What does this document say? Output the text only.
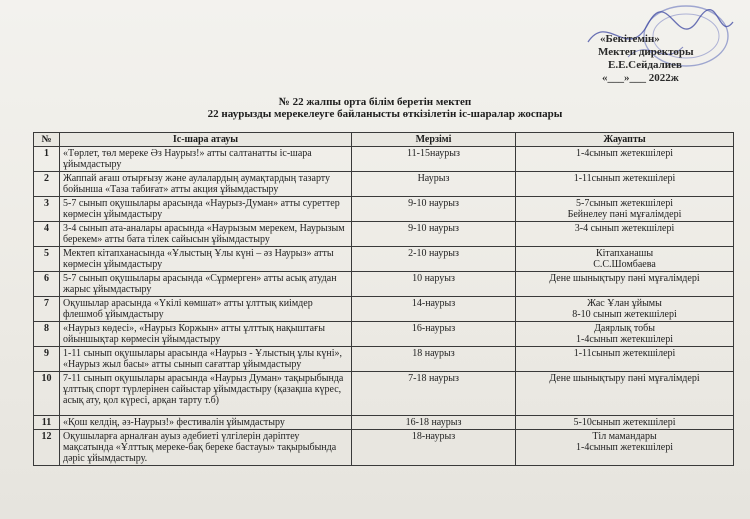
«Бекітемін»
Мектеп директоры
Е.Е.Сейдалиев
«___»___ 2022ж
№ 22 жалпы орта білім беретін мектеп
22 наурызды мерекелеуге байланысты өткізілетін іс-шаралар жоспары
№	Іс-шара атауы	Мерзімі	Жауапты
1	«Төрлет, төл мереке Әз Наурыз!» атты салтанатты іс-шара ұйымдастыру	11-15наурыз	1-4сынып жетекшілері
2	Жаппай ағаш отырғызу және аулалардың аумақтардың тазарту бойынша «Таза табиғат» атты акция ұйымдастыру	Наурыз	1-11сынып жетекшілері
3	5-7 сынып оқушылары арасында «Наурыз-Думан» атты суреттер көрмесін ұйымдастыру	9-10 наурыз	5-7сынып жетекшілері
Бейнелеу пәні мұғалімдері
4	3-4 сынып ата-аналары арасында «Наурызым мерекем, Наурызым берекем» атты бата тілек сайысын ұйымдастыру	9-10 наурыз	3-4 сынып жетекшілері
5	Мектеп кітапханасында «Ұлыстың Ұлы күні – әз Наурыз» атты көрмесін ұйымдастыру	2-10 наурыз	Кітапханашы
С.С.Шомбаева
6	5-7 сынып оқушылары арасында «Сұрмерген» атты асық атудан жарыс ұйымдастыру	10 наруыз	Дене шынықтыру пәні мұғалімдері
7	Оқушылар арасында «Үкілі көмшат» атты ұлттық киімдер флешмоб ұйымдастыру	14-наурыз	Жас Ұлан ұйымы
8-10 сынып жетекшілері
8	«Наурыз көдесі», «Наурыз Коржын» атты ұлттық нақыштағы ойыншықтар көрмесін ұйымдастыру	16-наурыз	Даярлық тобы
1-4сынып жетекшілері
9	1-11 сынып оқушылары арасында «Наурыз - Ұлыстың ұлы күні», «Наурыз жыл басы» атты сынып сағаттар ұйымдастыру	18 наурыз	1-11сынып жетекшілері
10	7-11 сынып оқушылары арасында «Наурыз Думан» тақырыбында ұлттық спорт түрлерінен сайыстар ұйымдастыру (қазақша күрес, асық ату, қол күресі, арқан тарту т.б)	7-18 наурыз	Дене шынықтыру пәні мұғалімдері
11	«Қош келдің, әз-Наурыз!» фестивалін ұйымдастыру	16-18 наурыз	5-10сынып жетекшілері
12	Оқушыларға арналған ауыз әдебиеті үлгілерін дәріптеу мақсатында «Ұлттық мереке-бақ береке бастауы» тақырыбында дәріс ұйымдастыру.	18-наурыз	Тіл мамандары
1-4сынып жетекшілері
